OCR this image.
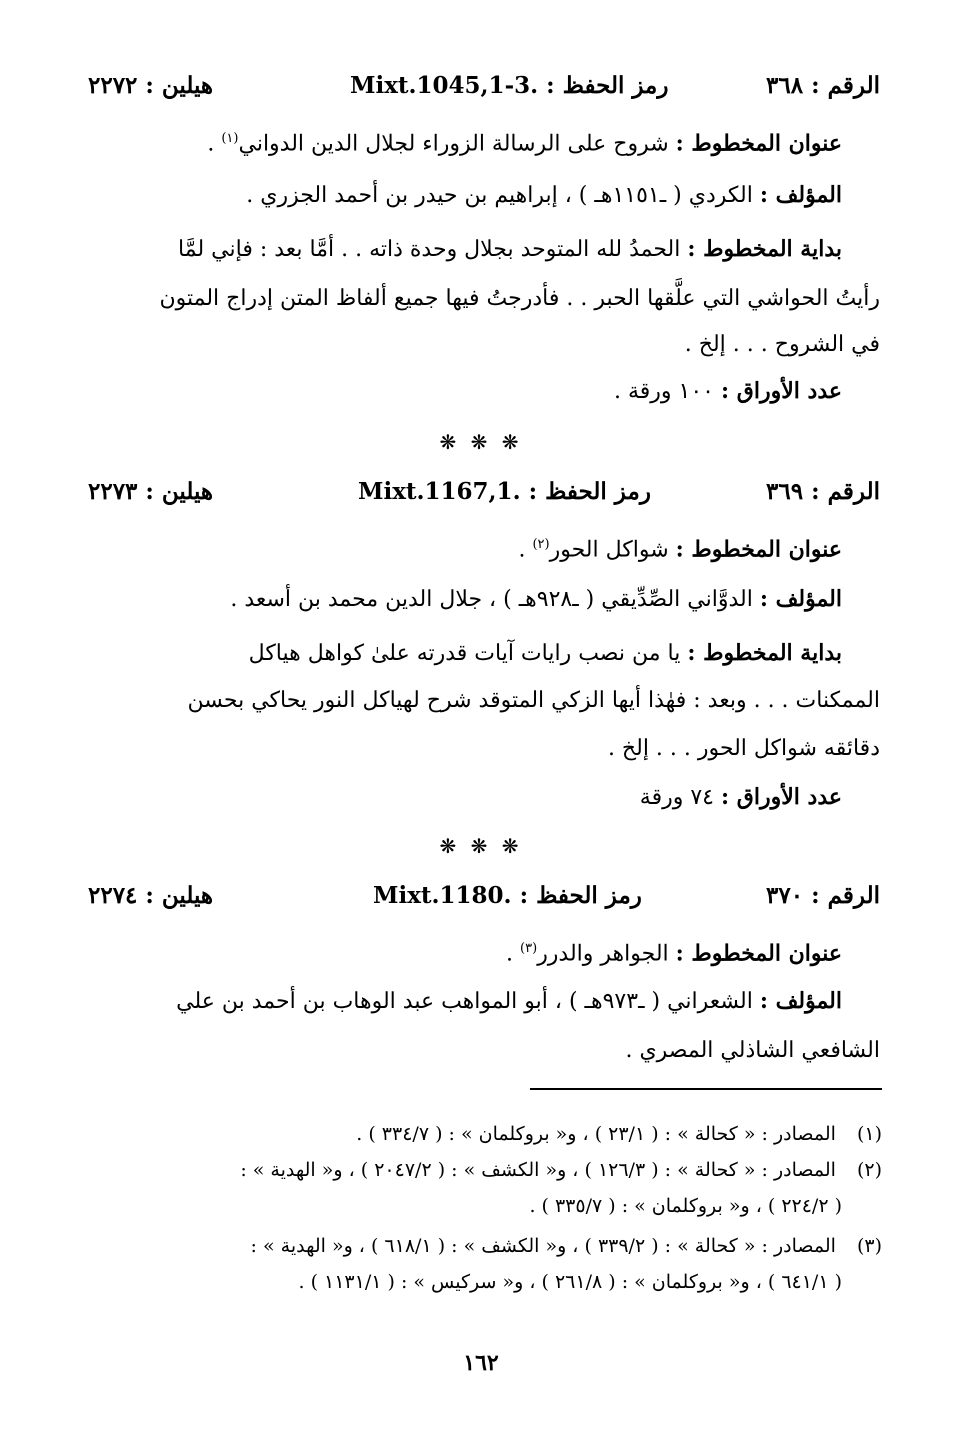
الرقم : ٣٦٨
رمز الحفظ : Mixt.1045,1-3.
هيلين : ٢٢٧٢
عنوان المخطوط : شروح على الرسالة الزوراء لجلال الدين الدواني$^{(١)}$ .
المؤلف : الكردي ( ـ١١٥١هـ ) ، إبراهيم بن حيدر بن أحمد الجزري .
بداية المخطوط : الحمدُ لله المتوحد بجلال وحدة ذاته . . أمَّا بعد : فإني لمَّا
رأيتُ الحواشي التي علَّقها الحبر . . فأدرجتُ فيها جميع ألفاظ المتن إدراج المتون
في الشروح . . . إلخ .
عدد الأوراق : ١٠٠ ورقة .
❋ ❋ ❋
الرقم : ٣٦٩
رمز الحفظ : Mixt.1167,1.
هيلين : ٢٢٧٣
عنوان المخطوط : شواكل الحور$^{(٢)}$ .
المؤلف : الدوَّاني الصِّدِّيقي ( ـ٩٢٨هـ ) ، جلال الدين محمد بن أسعد .
بداية المخطوط : يا من نصب رايات آيات قدرته علىٰ كواهل هياكل
الممكنات . . . وبعد : فهٰذا أيها الزكي المتوقد شرح لهياكل النور يحاكي بحسن
دقائقه شواكل الحور . . . إلخ .
عدد الأوراق : ٧٤ ورقة
❋ ❋ ❋
الرقم : ٣٧٠
رمز الحفظ : Mixt.1180.
هيلين : ٢٢٧٤
عنوان المخطوط : الجواهر والدرر$^{(٣)}$ .
المؤلف : الشعراني ( ـ٩٧٣هـ ) ، أبو المواهب عبد الوهاب بن أحمد بن علي
الشافعي الشاذلي المصري .
(١) المصادر : « كحالة » : ( ٢٣/١ ) ، و« بروكلمان » : ( ٣٣٤/٧ ) .
(٢) المصادر : « كحالة » : ( ١٢٦/٣ ) ، و« الكشف » : ( ٢٠٤٧/٢ ) ، و« الهدية » :
( ٢٢٤/٢ ) ، و« بروكلمان » : ( ٣٣٥/٧ ) .
(٣) المصادر : « كحالة » : ( ٣٣٩/٢ ) ، و« الكشف » : ( ٦١٨/١ ) ، و« الهدية » :
( ٦٤١/١ ) ، و« بروكلمان » : ( ٢٦١/٨ ) ، و« سركيس » : ( ١١٣١/١ ) .
١٦٢
